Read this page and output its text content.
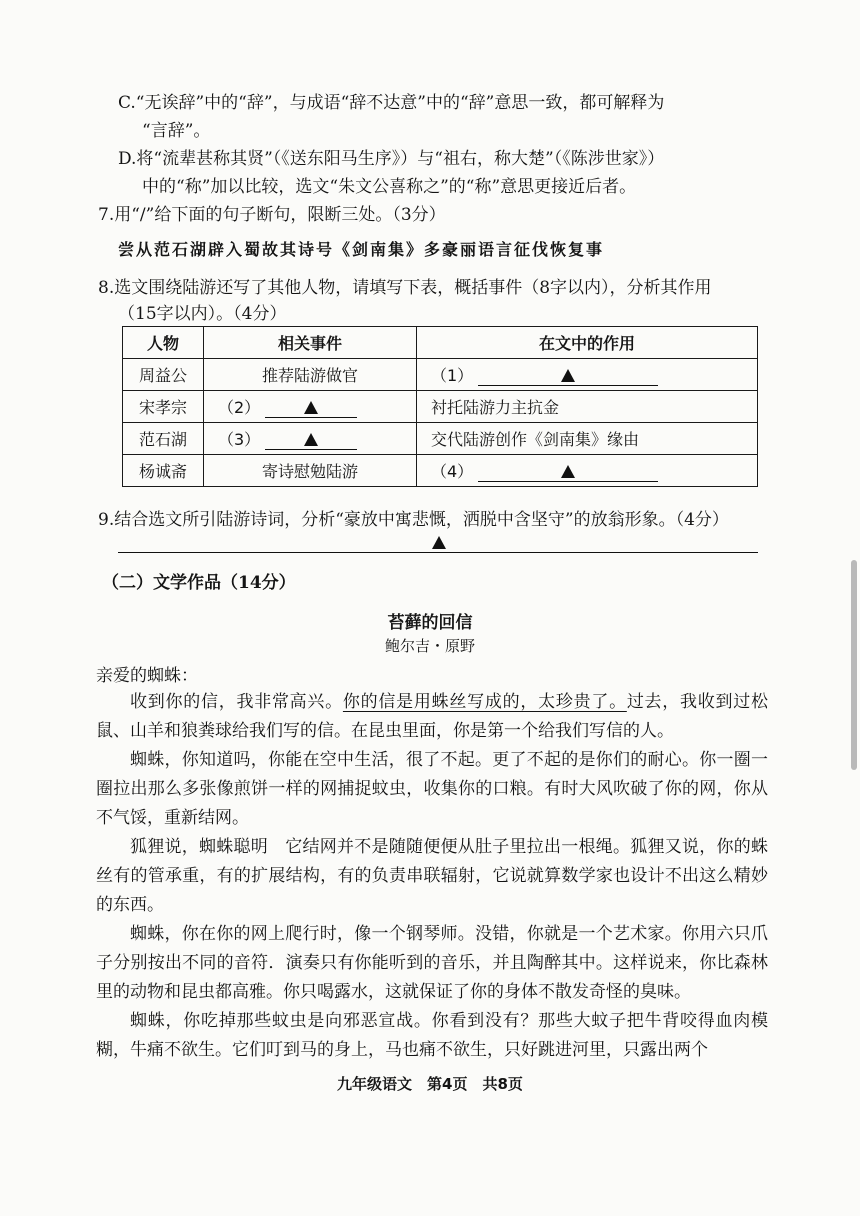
C.“无诶辞”中的“辞”，与成语“辞不达意”中的“辞”意思一致，都可解释为
“言辞”。
D.将“流辈甚称其贤”（《送东阳马生序》）与“祖右，称大楚”（《陈涉世家》）
中的“称”加以比较，选文“朱文公喜称之”的“称”意思更接近后者。
7.用“/”给下面的句子断句，限断三处。（3分）
尝从范石湖辟入蜀故其诗号《剑南集》多豪丽语言征伐恢复事
8.选文围绕陆游还写了其他人物，请填写下表，概括事件（8字以内），分析其作用
（15字以内）。（4分）
人物	相关事件	在文中的作用
周益公	推荐陆游做官	（1）

宋孝宗	（2）	衬托陆游力主抗金
范石湖	（3）	交代陆游创作《剑南集》缘由
杨诚斋	寄诗慰勉陆游	（4）
9.结合选文所引陆游诗词，分析“豪放中寓悲慨，洒脱中含坚守”的放翁形象。（4分）
（二）文学作品（14分）
苔藓的回信
鲍尔吉・原野
亲爱的蜘蛛：
收到你的信，我非常高兴。你的信是用蛛丝写成的，太珍贵了。过去，我收到过松鼠、山羊和狼粪球给我们写的信。在昆虫里面，你是第一个给我们写信的人。
蜘蛛，你知道吗，你能在空中生活，很了不起。更了不起的是你们的耐心。你一圈一圈拉出那么多张像煎饼一样的网捕捉蚊虫，收集你的口粮。有时大风吹破了你的网，你从不气馁，重新结网。
狐狸说，蜘蛛聪明　它结网并不是随随便便从肚子里拉出一根绳。狐狸又说，你的蛛丝有的管承重，有的扩展结构，有的负责串联辐射，它说就算数学家也设计不出这么精妙的东西。
蜘蛛，你在你的网上爬行时，像一个钢琴师。没错，你就是一个艺术家。你用六只爪子分别按出不同的音符．演奏只有你能听到的音乐，并且陶醉其中。这样说来，你比森林里的动物和昆虫都高雅。你只喝露水，这就保证了你的身体不散发奇怪的臭味。
蜘蛛，你吃掉那些蚊虫是向邪恶宣战。你看到没有？那些大蚊子把牛背咬得血肉模糊，牛痛不欲生。它们叮到马的身上，马也痛不欲生，只好跳进河里，只露出两个
九年级语文　第4页　共8页
